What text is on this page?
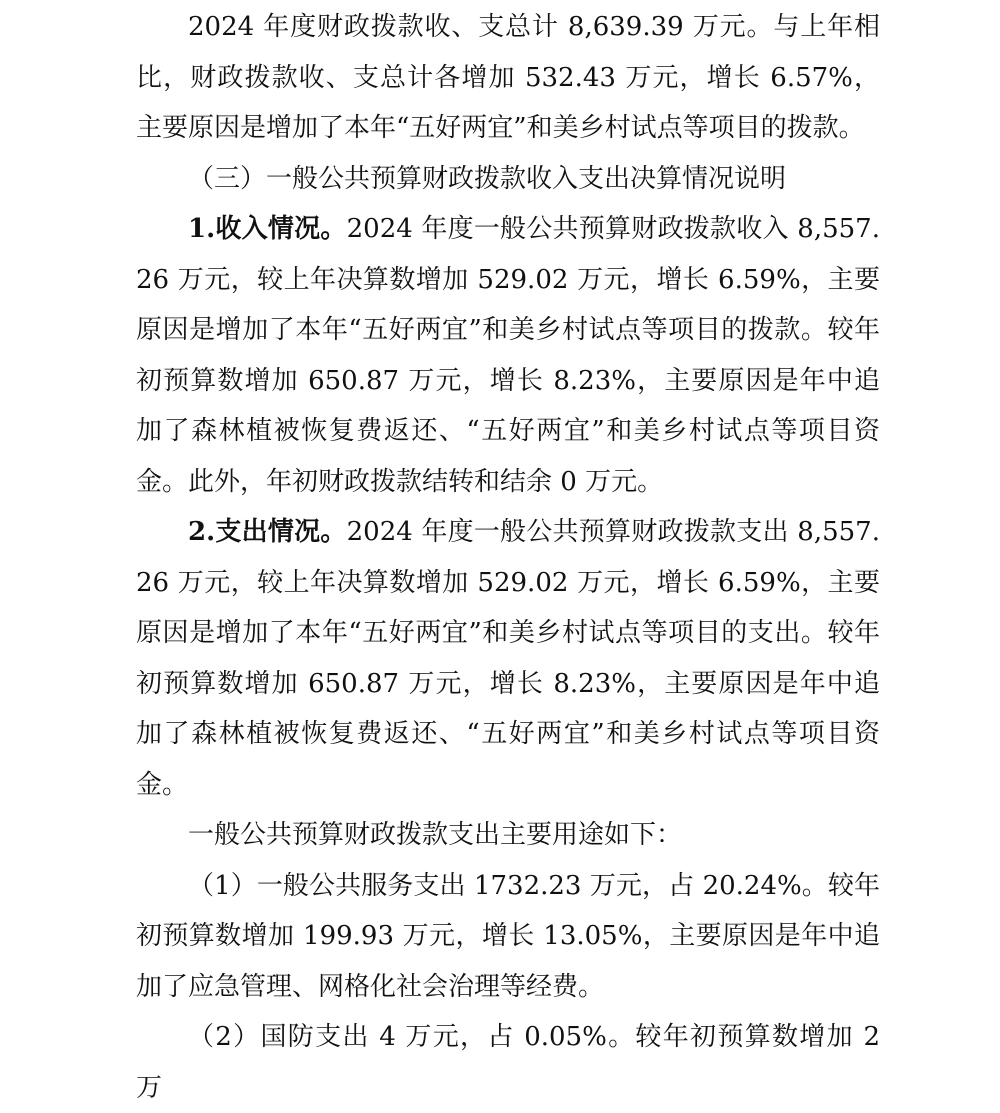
2024 年度财政拨款收、支总计 8,639.39 万元。与上年相比，财政拨款收、支总计各增加 532.43 万元，增长 6.57%，主要原因是增加了本年“五好两宜”和美乡村试点等项目的拨款。

（三）一般公共预算财政拨款收入支出决算情况说明

1.收入情况。2024 年度一般公共预算财政拨款收入 8,557.26 万元，较上年决算数增加 529.02 万元，增长 6.59%，主要原因是增加了本年“五好两宜”和美乡村试点等项目的拨款。较年初预算数增加 650.87 万元，增长 8.23%，主要原因是年中追加了森林植被恢复费返还、“五好两宜”和美乡村试点等项目资金。此外，年初财政拨款结转和结余 0 万元。

2.支出情况。2024 年度一般公共预算财政拨款支出 8,557.26 万元，较上年决算数增加 529.02 万元，增长 6.59%，主要原因是增加了本年“五好两宜”和美乡村试点等项目的支出。较年初预算数增加 650.87 万元，增长 8.23%，主要原因是年中追加了森林植被恢复费返还、“五好两宜”和美乡村试点等项目资金。

一般公共预算财政拨款支出主要用途如下：

（1）一般公共服务支出 1732.23 万元，占 20.24%。较年初预算数增加 199.93 万元，增长 13.05%，主要原因是年中追加了应急管理、网格化社会治理等经费。

（2）国防支出 4 万元，占 0.05%。较年初预算数增加 2 万
